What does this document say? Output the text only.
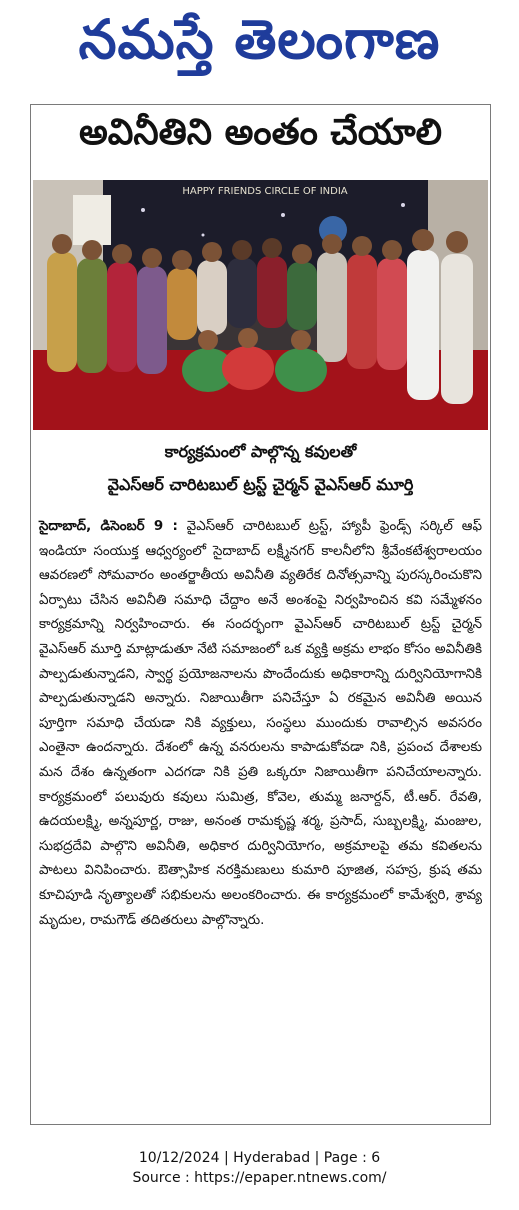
నమస్తే తెలంగాణ
అవినీతిని అంతం చేయాలి
HAPPY FRIENDS CIRCLE OF INDIA
కార్యక్రమంలో పాల్గొన్న కవులతో
వైఎస్‌ఆర్ చారిటబుల్ ట్రస్ట్ చైర్మన్ వైఎస్‌ఆర్ మూర్తి
సైదాబాద్, డిసెంబర్ 9 : వైఎస్‌ఆర్ చారిటబుల్ ట్రస్ట్, హ్యాపీ ఫ్రెండ్స్ సర్కిల్ ఆఫ్ ఇండియా సంయుక్త ఆధ్వర్యంలో సైదాబాద్ లక్ష్మీనగర్ కాలనీలోని శ్రీవేంకటేశ్వరాలయం ఆవరణలో సోమవారం అంతర్జాతీయ అవినీతి వ్యతిరేక దినోత్సవాన్ని పురస్కరించుకొని ఏర్పాటు చేసిన అవినీతి సమాధి చేద్దాం అనే అంశంపై నిర్వహించిన కవి సమ్మేళనం కార్యక్రమాన్ని నిర్వహించారు. ఈ సందర్భంగా వైఎస్‌ఆర్ చారిటబుల్ ట్రస్ట్ చైర్మన్ వైఎస్‌ఆర్ మూర్తి మాట్లాడుతూ నేటి సమాజంలో ఒక వ్యక్తి అక్రమ లాభం కోసం అవినీతికి పాల్పడుతున్నాడని, స్వార్థ ప్రయోజనాలను పొందేందుకు అధికారాన్ని దుర్వినియోగానికి పాల్పడుతున్నాడని అన్నారు. నిజాయితీగా పనిచేస్తూ ఏ రకమైన అవినీతి అయిన పూర్తిగా సమాధి చేయడా నికి వ్యక్తులు, సంస్థలు ముందుకు రావాల్సిన అవసరం ఎంతైనా ఉందన్నారు. దేశంలో ఉన్న వనరులను కాపాడుకోవడా నికి, ప్రపంచ దేశాలకు మన దేశం ఉన్నతంగా ఎదగడా నికి ప్రతి ఒక్కరూ నిజాయితీగా పనిచేయాలన్నారు. కార్యక్రమంలో పలువురు కవులు సుమిత్ర, కోవెల, తుమ్మ జనార్దన్, టీ.ఆర్. రేవతి, ఉదయలక్ష్మి, అన్నపూర్ణ, రాజు, అనంత రామకృష్ణ శర్మ, ప్రసాద్, సుబ్బలక్ష్మి, మంజుల, సుభద్రదేవి పాల్గొని అవినీతి, అధికార దుర్వినియోగం, అక్రమాలపై తమ కవితలను పాటలు వినిపించారు. ఔత్సాహిక నరక్తిమణులు కుమారి పూజిత, సహస్ర, క్రుష తమ కూచిపూడి నృత్యాలతో సభికులను అలంకరించారు. ఈ కార్యక్రమంలో కామేశ్వరి, శ్రావ్య మృదుల, రామగౌడ్ తదితరులు పాల్గొన్నారు.
10/12/2024 | Hyderabad | Page : 6
Source : https://epaper.ntnews.com/
